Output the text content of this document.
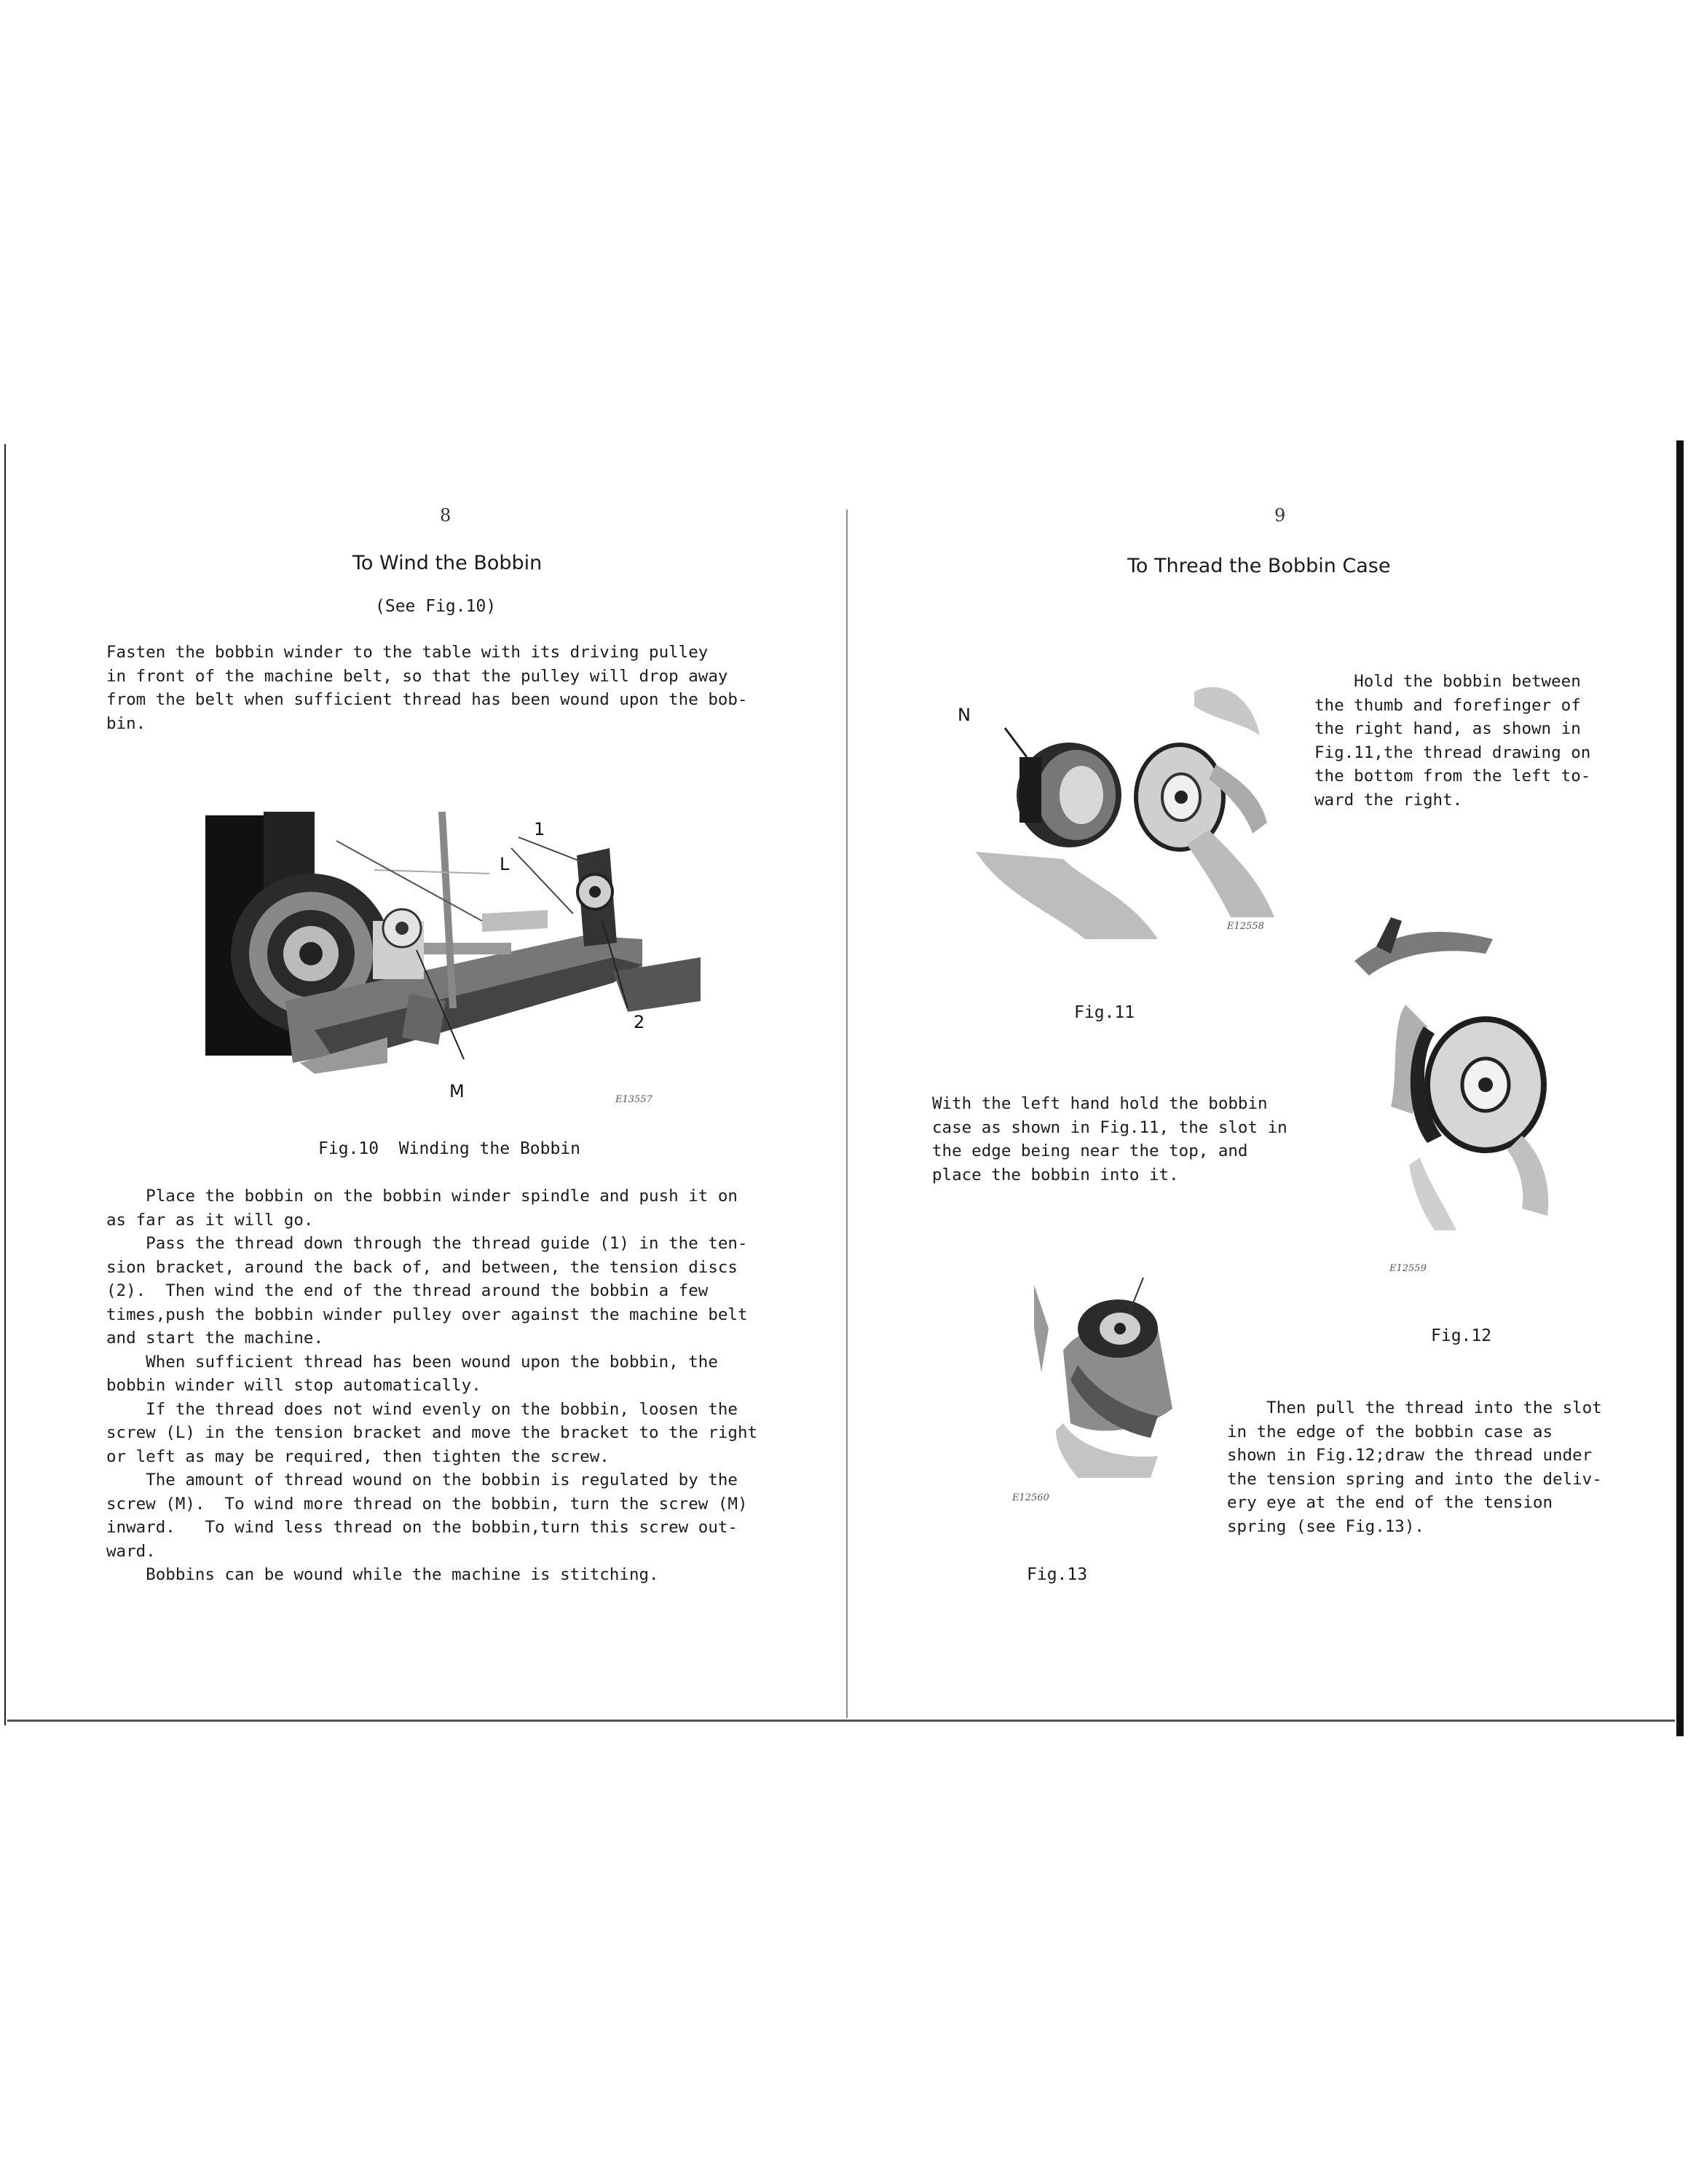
8
To Wind the Bobbin
(See Fig.10)

Fasten the bobbin winder to the table with its driving pulley

in front of the machine belt, so that the pulley will drop away

from the belt when sufficient thread has been wound upon the bob-

bin.

1
L
2
M	E13557
Fig.10  Winding the Bobbin

Place the bobbin on the bobbin winder spindle and push it on

as far as it will go.

Pass the thread down through the thread guide (1) in the ten-

sion bracket, around the back of, and between, the tension discs

(2).  Then wind the end of the thread around the bobbin a few

times,push the bobbin winder pulley over against the machine belt

and start the machine.

When sufficient thread has been wound upon the bobbin, the

bobbin winder will stop automatically.

If the thread does not wind evenly on the bobbin, loosen the

screw (L) in the tension bracket and move the bracket to the right

or left as may be required, then tighten the screw.

The amount of thread wound on the bobbin is regulated by the

screw (M).  To wind more thread on the bobbin, turn the screw (M)

inward.   To wind less thread on the bobbin,turn this screw out-

ward.

Bobbins can be wound while the machine is stitching.

9
To Thread the Bobbin Case

Hold the bobbin between

the thumb and forefinger of

the right hand, as shown in

Fig.11,the thread drawing on

the bottom from the left to-

ward the right.

N
E12558
Fig.11

With the left hand hold the bobbin

case as shown in Fig.11, the slot in

the edge being near the top, and

place the bobbin into it.

E12559
Fig.12
E12560
Fig.13

Then pull the thread into the slot

in the edge of the bobbin case as

shown in Fig.12;draw the thread under

the tension spring and into the deliv-

ery eye at the end of the tension

spring (see Fig.13).
